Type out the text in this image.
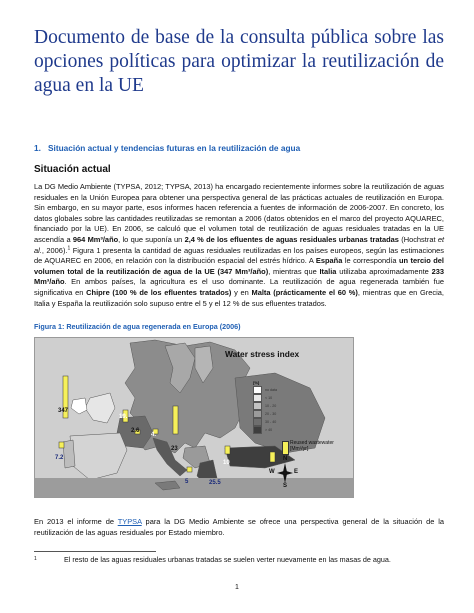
Documento de base de la consulta pública sobre las opciones políticas para optimizar la reutilización de agua en la UE
1. Situación actual y tendencias futuras en la reutilización de agua
Situación actual

La DG Medio Ambiente (TYPSA, 2012; TYPSA, 2013) ha encargado recientemente informes sobre la reutilización de aguas residuales en la Unión Europea para obtener una perspectiva general de las prácticas actuales de reutilización en Europa. Sin embargo, en su mayor parte, esos informes hacen referencia a fuentes de información de 2006-2007. En concreto, los datos globales sobre las cantidades reutilizadas se remontan a 2006 (datos obtenidos en el marco del proyecto AQUAREC, financiado por la UE). En 2006, se calculó que el volumen total de reutilización de aguas residuales tratadas en la UE ascendía a 964 Mm³/año, lo que suponía un 2,4 % de los efluentes de aguas residuales urbanas tratadas (Hochstrat et al., 2006).$^1$ Figura 1 presenta la cantidad de aguas residuales reutilizadas en los países europeos, según las estimaciones de AQUAREC en 2006, en relación con la distribución espacial del estrés hídrico. A España le correspondía un tercio del volumen total de la reutilización de agua de la UE (347 Mm³/año), mientras que Italia utilizaba aproximadamente 233 Mm³/año. En ambos países, la agricultura es el uso dominante. La reutilización de agua regenerada también fue significativa en Chipre (100 % de los efluentes tratados) y en Malta (prácticamente el 60 %), mientras que en Grecia, Italia y España la reutilización solo supuso entre el 5 y el 12 % de sus efluentes tratados.

Figura 1: Reutilización de agua regenerada en Europa (2006)
Water stress index
[%]
no data
< 10
10 - 20
20 - 30
30 - 40
> 40
Reused wastewater [Mm³/yr]
N
S
W	E
347
19.
7.2
2.6
4.
23
10
25.5
5

En 2013 el informe de TYPSA para la DG Medio Ambiente se ofrece una perspectiva general de la situación de la reutilización de las aguas residuales por Estado miembro.

1	El resto de las aguas residuales urbanas tratadas se suelen verter nuevamente en las masas de agua.
1
